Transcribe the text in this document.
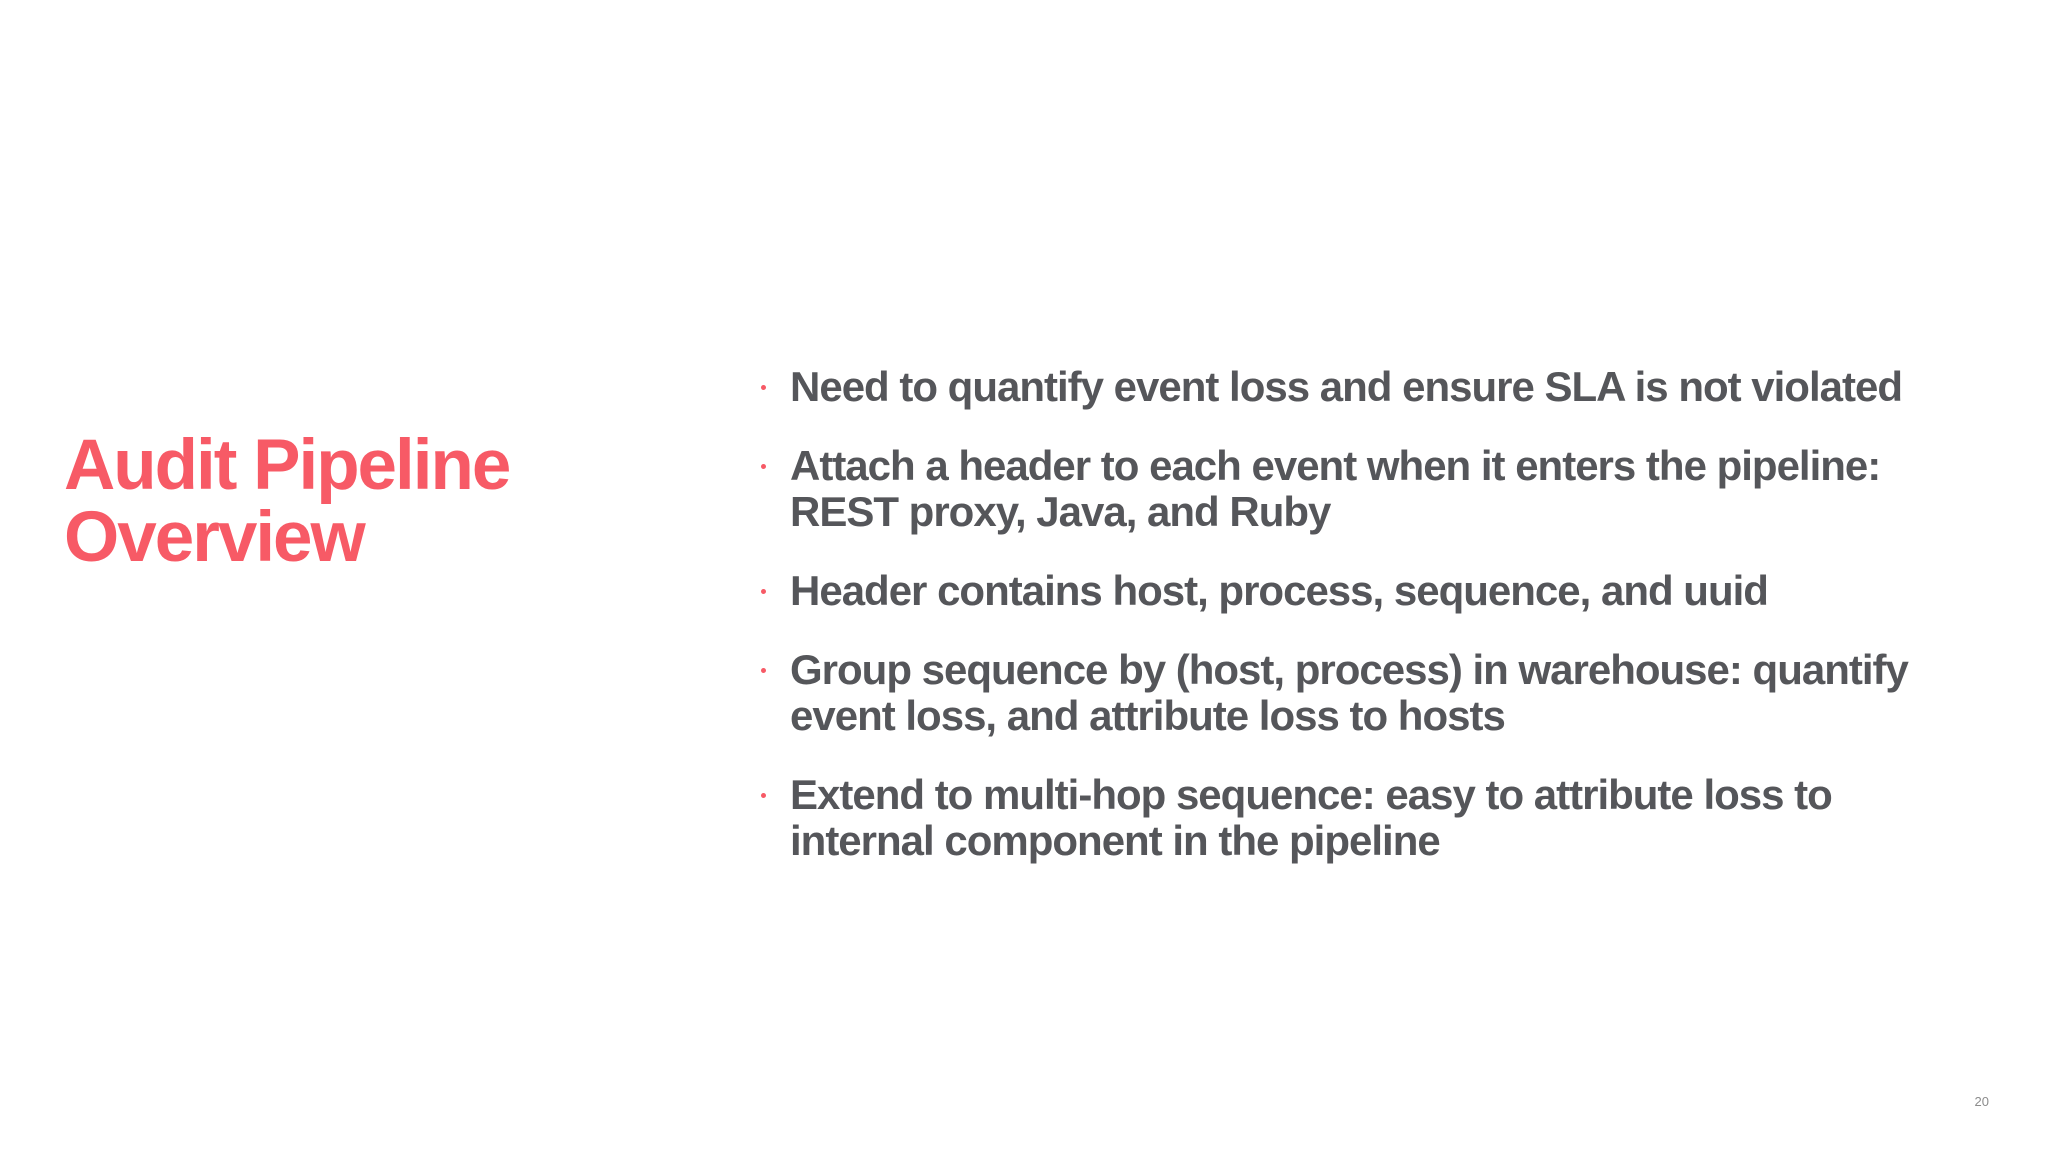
Audit Pipeline
Overview
Need to quantify event loss and ensure SLA is not violated
Attach a header to each event when it enters the pipeline: REST proxy, Java, and Ruby
Header contains host, process, sequence, and uuid
Group sequence by (host, process) in warehouse: quantify event loss, and attribute loss to hosts
Extend to multi-hop sequence: easy to attribute loss to internal component in the pipeline
20
